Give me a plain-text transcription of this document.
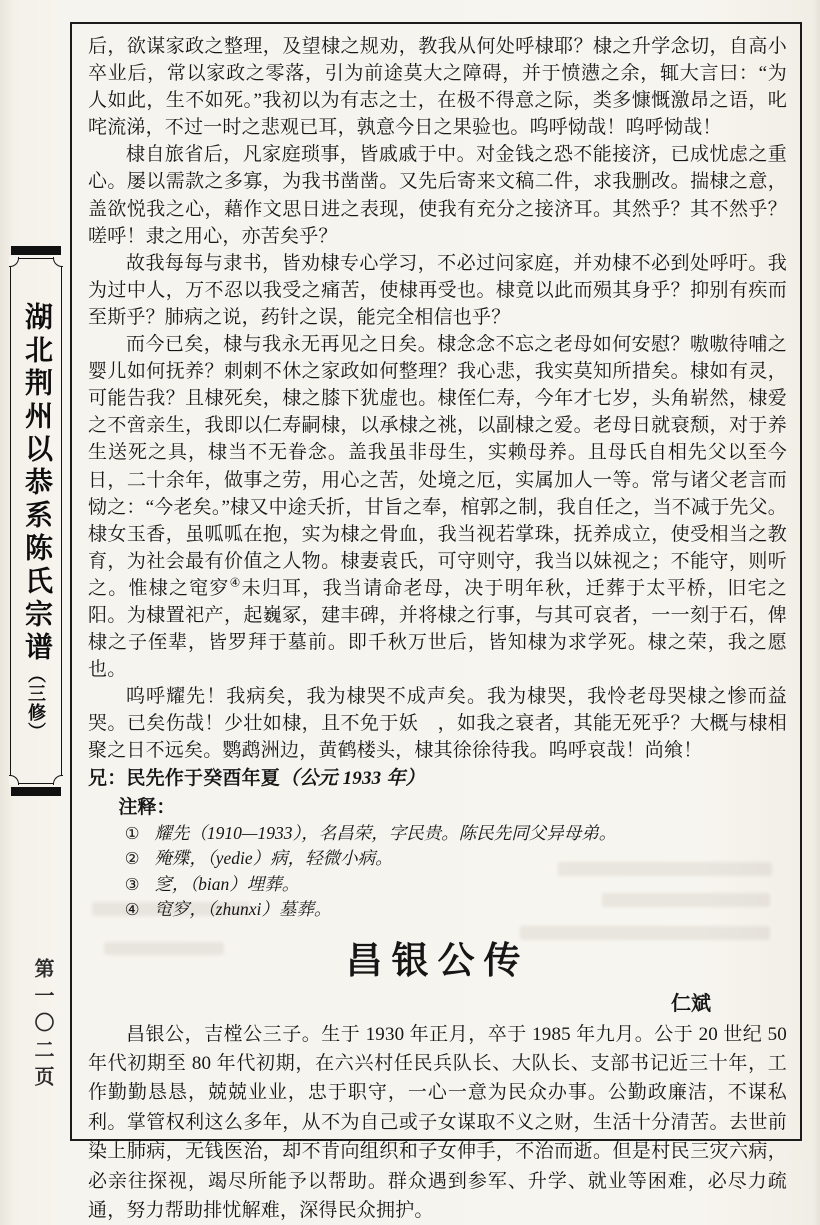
湖北荆州以恭系陈氏宗谱（三修）
第一〇二页

后，欲谋家政之整理，及望棣之规劝，教我从何处呼棣耶？棣之升学念切，自高小卒业后，常以家政之零落，引为前途莫大之障碍，并于愤懑之余，辄大言曰：“为人如此，生不如死。”我初以为有志之士，在极不得意之际，类多慷慨激昂之语，叱咤流涕，不过一时之悲观已耳，孰意今日之果验也。呜呼恸哉！呜呼恸哉！

棣自旅省后，凡家庭琐事，皆戚戚于中。对金钱之恐不能接济，已成忧虑之重心。屡以需款之多寡，为我书凿凿。又先后寄来文稿二件，求我删改。揣棣之意，盖欲悦我之心，藉作文思日进之表现，使我有充分之接济耳。其然乎？其不然乎？嗟呼！隶之用心，亦苦矣乎？

故我每每与隶书，皆劝棣专心学习，不必过问家庭，并劝棣不必到处呼吁。我为过中人，万不忍以我受之痛苦，使棣再受也。棣竟以此而殒其身乎？抑别有疾而至斯乎？肺病之说，药针之误，能完全相信也乎？

而今已矣，棣与我永无再见之日矣。棣念念不忘之老母如何安慰？嗷嗷待哺之婴儿如何抚养？刺刺不休之家政如何整理？我心悲，我实莫知所措矣。棣如有灵，可能告我？且棣死矣，棣之膝下犹虚也。棣侄仁寿，今年才七岁，头角崭然，棣爱之不啻亲生，我即以仁寿嗣棣，以承棣之祧，以副棣之爱。老母日就衰颓，对于养生送死之具，棣当不无眷念。盖我虽非母生，实赖母养。且母氏自相先父以至今日，二十余年，做事之劳，用心之苦，处境之厄，实属加人一等。常与诸父老言而恸之：“今老矣。”棣又中途夭折，甘旨之奉，棺郭之制，我自任之，当不减于先父。棣女玉香，虽呱呱在抱，实为棣之骨血，我当视若掌珠，抚养成立，使受相当之教育，为社会最有价值之人物。棣妻袁氏，可守则守，我当以妹视之；不能守，则听之。惟棣之窀穸④未归耳，我当请命老母，决于明年秋，迁葬于太平桥，旧宅之阳。为棣置祀产，起巍冢，建丰碑，并将棣之行事，与其可哀者，一一刻于石，俾棣之子侄辈，皆罗拜于墓前。即千秋万世后，皆知棣为求学死。棣之荣，我之愿也。

呜呼耀先！我病矣，我为棣哭不成声矣。我为棣哭，我怜老母哭棣之惨而益哭。已矣伤哉！少壮如棣，且不免于妖　，如我之衰者，其能无死乎？大概与棣相聚之日不远矣。鹦鹉洲边，黄鹤楼头，棣其徐徐待我。呜呼哀哉！尚飨！

兄：民先作于癸酉年夏（公元 1933 年）

注释：
① 耀先（1910—1933），名昌荣，字民贵。陈民先同父异母弟。
② 殗殜，（yedie）病，轻微小病。
③ 窆，（bian）埋葬。
④ 窀穸，（zhunxi）墓葬。
昌银公传
仁斌

昌银公，吉樘公三子。生于 1930 年正月，卒于 1985 年九月。公于 20 世纪 50 年代初期至 80 年代初期，在六兴村任民兵队长、大队长、支部书记近三十年，工作勤勤恳恳，兢兢业业，忠于职守，一心一意为民众办事。公勤政廉洁，不谋私利。掌管权利这么多年，从不为自己或子女谋取不义之财，生活十分清苦。去世前染上肺病，无钱医治，却不肯向组织和子女伸手，不治而逝。但是村民三灾六病，必亲往探视，竭尽所能予以帮助。群众遇到参军、升学、就业等困难，必尽力疏通，努力帮助排忧解难，深得民众拥护。
